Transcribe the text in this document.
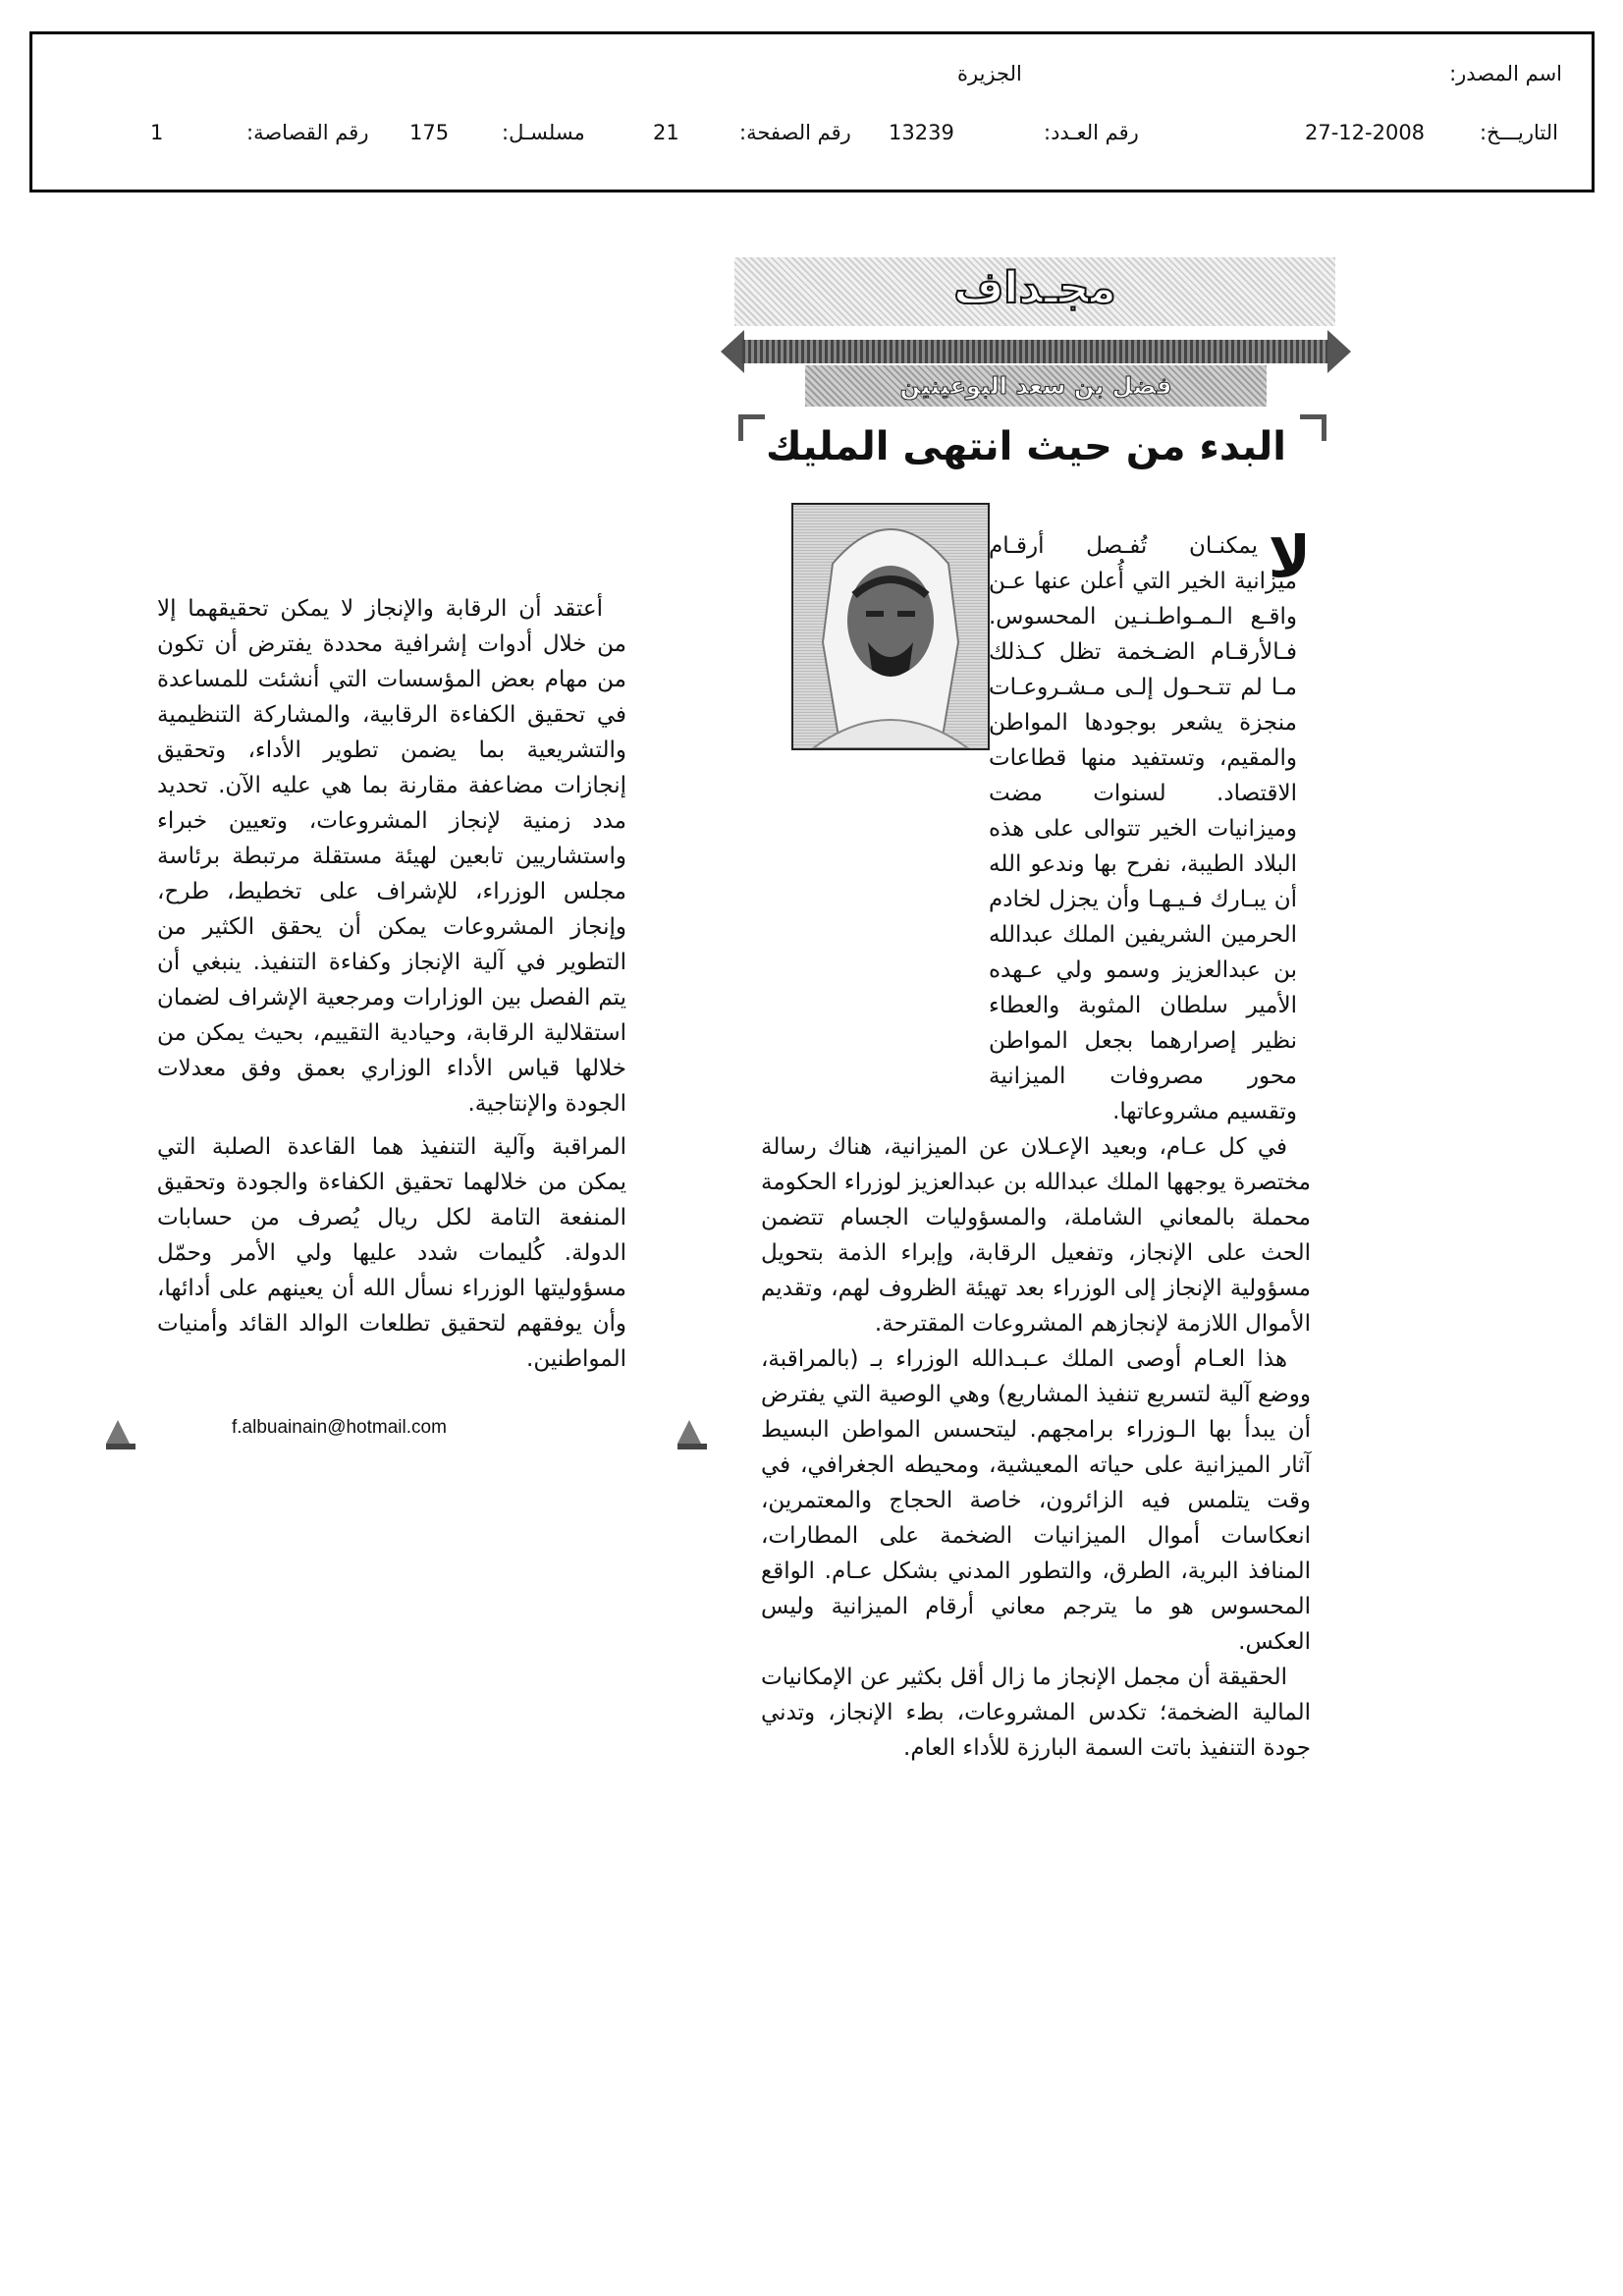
اسم المصدر:
الجزيرة
التاريـــخ:
27-12-2008
رقم العـدد:
13239
رقم الصفحة:
21
مسلسـل:
175
رقم القصاصة:
1
مجـداف
فضل بن سعد البوعينين
البدء من حيث انتهى المليك
لا

يمكنـان تُفـصل أرقـام ميزانية الخير التي أُعلن عنها عـن واقـع الـمـواطـنـين المحسوس. فـالأرقـام الضـخمة تظل كـذلك مـا لم تتـحـول إلـى مـشـروعـات منجزة يشعر بوجودها المواطن والمقيم، وتستفيد منها قطاعات الاقتصاد. لسنوات مضت وميزانيات الخير تتوالى على هذه البلاد الطيبة، نفرح بها وندعو الله أن يبـارك فـيـهـا وأن يجزل لخادم الحرمين الشريفين الملك عبدالله بن عبدالعزيز وسمو ولي عـهده الأمير سلطان المثوبة والعطاء نظير إصرارهما بجعل المواطن محور مصروفات الميزانية وتقسيم مشروعاتها.

في كل عـام، وبعيد الإعـلان عن الميزانية، هناك رسالة مختصرة يوجهها الملك عبدالله بن عبدالعزيز لوزراء الحكومة محملة بالمعاني الشاملة، والمسؤوليات الجسام تتضمن الحث على الإنجاز، وتفعيل الرقابة، وإبراء الذمة بتحويل مسؤولية الإنجاز إلى الوزراء بعد تهيئة الظروف لهم، وتقديم الأموال اللازمة لإنجازهم المشروعات المقترحة.

هذا العـام أوصى الملك عـبـدالله الوزراء بـ (بالمراقبة، ووضع آلية لتسريع تنفيذ المشاريع) وهي الوصية التي يفترض أن يبدأ بها الـوزراء برامجهم. ليتحسس المواطن البسيط آثار الميزانية على حياته المعيشية، ومحيطه الجغرافي، في وقت يتلمس فيه الزائرون، خاصة الحجاج والمعتمرين، انعكاسات أموال الميزانيات الضخمة على المطارات، المنافذ البرية، الطرق، والتطور المدني بشكل عـام. الواقع المحسوس هو ما يترجم معاني أرقام الميزانية وليس العكس.

الحقيقة أن مجمل الإنجاز ما زال أقل بكثير عن الإمكانيات المالية الضخمة؛ تكدس المشروعات، بطء الإنجاز، وتدني جودة التنفيذ باتت السمة البارزة للأداء العام.

أعتقد أن الرقابة والإنجاز لا يمكن تحقيقهما إلا من خلال أدوات إشرافية محددة يفترض أن تكون من مهام بعض المؤسسات التي أنشئت للمساعدة في تحقيق الكفاءة الرقابية، والمشاركة التنظيمية والتشريعية بما يضمن تطوير الأداء، وتحقيق إنجازات مضاعفة مقارنة بما هي عليه الآن. تحديد مدد زمنية لإنجاز المشروعات، وتعيين خبراء واستشاريين تابعين لهيئة مستقلة مرتبطة برئاسة مجلس الوزراء، للإشراف على تخطيط، طرح، وإنجاز المشروعات يمكن أن يحقق الكثير من التطوير في آلية الإنجاز وكفاءة التنفيذ. ينبغي أن يتم الفصل بين الوزارات ومرجعية الإشراف لضمان استقلالية الرقابة، وحيادية التقييم، بحيث يمكن من خلالها قياس الأداء الوزاري بعمق وفق معدلات الجودة والإنتاجية.

المراقبة وآلية التنفيذ هما القاعدة الصلبة التي يمكن من خلالهما تحقيق الكفاءة والجودة وتحقيق المنفعة التامة لكل ريال يُصرف من حسابات الدولة. كُليمات شدد عليها ولي الأمر وحمّل مسؤوليتها الوزراء نسأل الله أن يعينهم على أدائها، وأن يوفقهم لتحقيق تطلعات الوالد القائد وأمنيات المواطنين.

f.albuainain@hotmail.com
